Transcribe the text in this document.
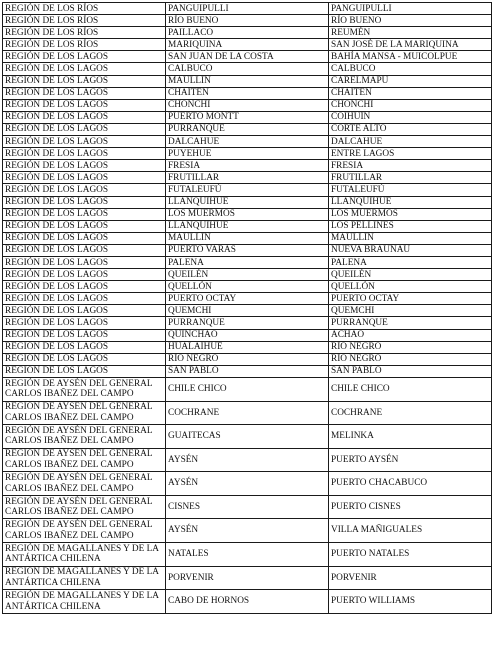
REGIÓN DE LOS RÍOS	PANGUIPULLI	PANGUIPULLI
REGIÓN DE LOS RÍOS	RÍO BUENO	RÍO BUENO
REGIÓN DE LOS RÍOS	PAILLACO	REUMÉN
REGIÓN DE LOS RÍOS	MARIQUINA	SAN JOSÉ DE LA MARIQUINA
REGIÓN DE LOS LAGOS	SAN JUAN DE LA COSTA	BAHÍA MANSA - MUICOLPUE
REGIÓN DE LOS LAGOS	CALBUCO	CALBUCO
REGIÓN DE LOS LAGOS	MAULLÍN	CARELMAPU
REGIÓN DE LOS LAGOS	CHAITÉN	CHAITÉN
REGIÓN DE LOS LAGOS	CHONCHI	CHONCHI
REGIÓN DE LOS LAGOS	PUERTO MONTT	COIHUÍN
REGIÓN DE LOS LAGOS	PURRANQUE	CORTE ALTO
REGIÓN DE LOS LAGOS	DALCAHUE	DALCAHUE
REGIÓN DE LOS LAGOS	PUYEHUE	ENTRE LAGOS
REGIÓN DE LOS LAGOS	FRESIA	FRESIA
REGIÓN DE LOS LAGOS	FRUTILLAR	FRUTILLAR
REGIÓN DE LOS LAGOS	FUTALEUFÚ	FUTALEUFÚ
REGIÓN DE LOS LAGOS	LLANQUIHUE	LLANQUIHUE
REGIÓN DE LOS LAGOS	LOS MUERMOS	LOS MUERMOS
REGIÓN DE LOS LAGOS	LLANQUIHUE	LOS PELLINES
REGIÓN DE LOS LAGOS	MAULLÍN	MAULLÍN
REGIÓN DE LOS LAGOS	PUERTO VARAS	NUEVA BRAUNAU
REGIÓN DE LOS LAGOS	PALENA	PALENA
REGIÓN DE LOS LAGOS	QUEILÉN	QUEILÉN
REGIÓN DE LOS LAGOS	QUELLÓN	QUELLÓN
REGIÓN DE LOS LAGOS	PUERTO OCTAY	PUERTO OCTAY
REGIÓN DE LOS LAGOS	QUEMCHI	QUEMCHI
REGIÓN DE LOS LAGOS	PURRANQUE	PURRANQUE
REGIÓN DE LOS LAGOS	QUINCHAO	ACHAO
REGIÓN DE LOS LAGOS	HUALAIHUÉ	RÍO NEGRO
REGIÓN DE LOS LAGOS	RÍO NEGRO	RÍO NEGRO
REGIÓN DE LOS LAGOS	SAN PABLO	SAN PABLO
REGIÓN DE AYSÉN DEL GENERAL CARLOS IBAÑEZ DEL CAMPO	CHILE CHICO	CHILE CHICO
REGIÓN DE AYSÉN DEL GENERAL CARLOS IBAÑEZ DEL CAMPO	COCHRANE	COCHRANE
REGIÓN DE AYSÉN DEL GENERAL CARLOS IBAÑEZ DEL CAMPO	GUAITECAS	MELINKA
REGIÓN DE AYSÉN DEL GENERAL CARLOS IBAÑEZ DEL CAMPO	AYSÉN	PUERTO AYSÉN
REGIÓN DE AYSÉN DEL GENERAL CARLOS IBAÑEZ DEL CAMPO	AYSÉN	PUERTO CHACABUCO
REGIÓN DE AYSÉN DEL GENERAL CARLOS IBAÑEZ DEL CAMPO	CISNES	PUERTO CISNES
REGIÓN DE AYSÉN DEL GENERAL CARLOS IBAÑEZ DEL CAMPO	AYSÉN	VILLA MAÑIGUALES
REGIÓN DE MAGALLANES Y DE LA ANTÁRTICA CHILENA	NATALES	PUERTO NATALES
REGIÓN DE MAGALLANES Y DE LA ANTÁRTICA CHILENA	PORVENIR	PORVENIR
REGIÓN DE MAGALLANES Y DE LA ANTÁRTICA CHILENA	CABO DE HORNOS	PUERTO WILLIAMS
